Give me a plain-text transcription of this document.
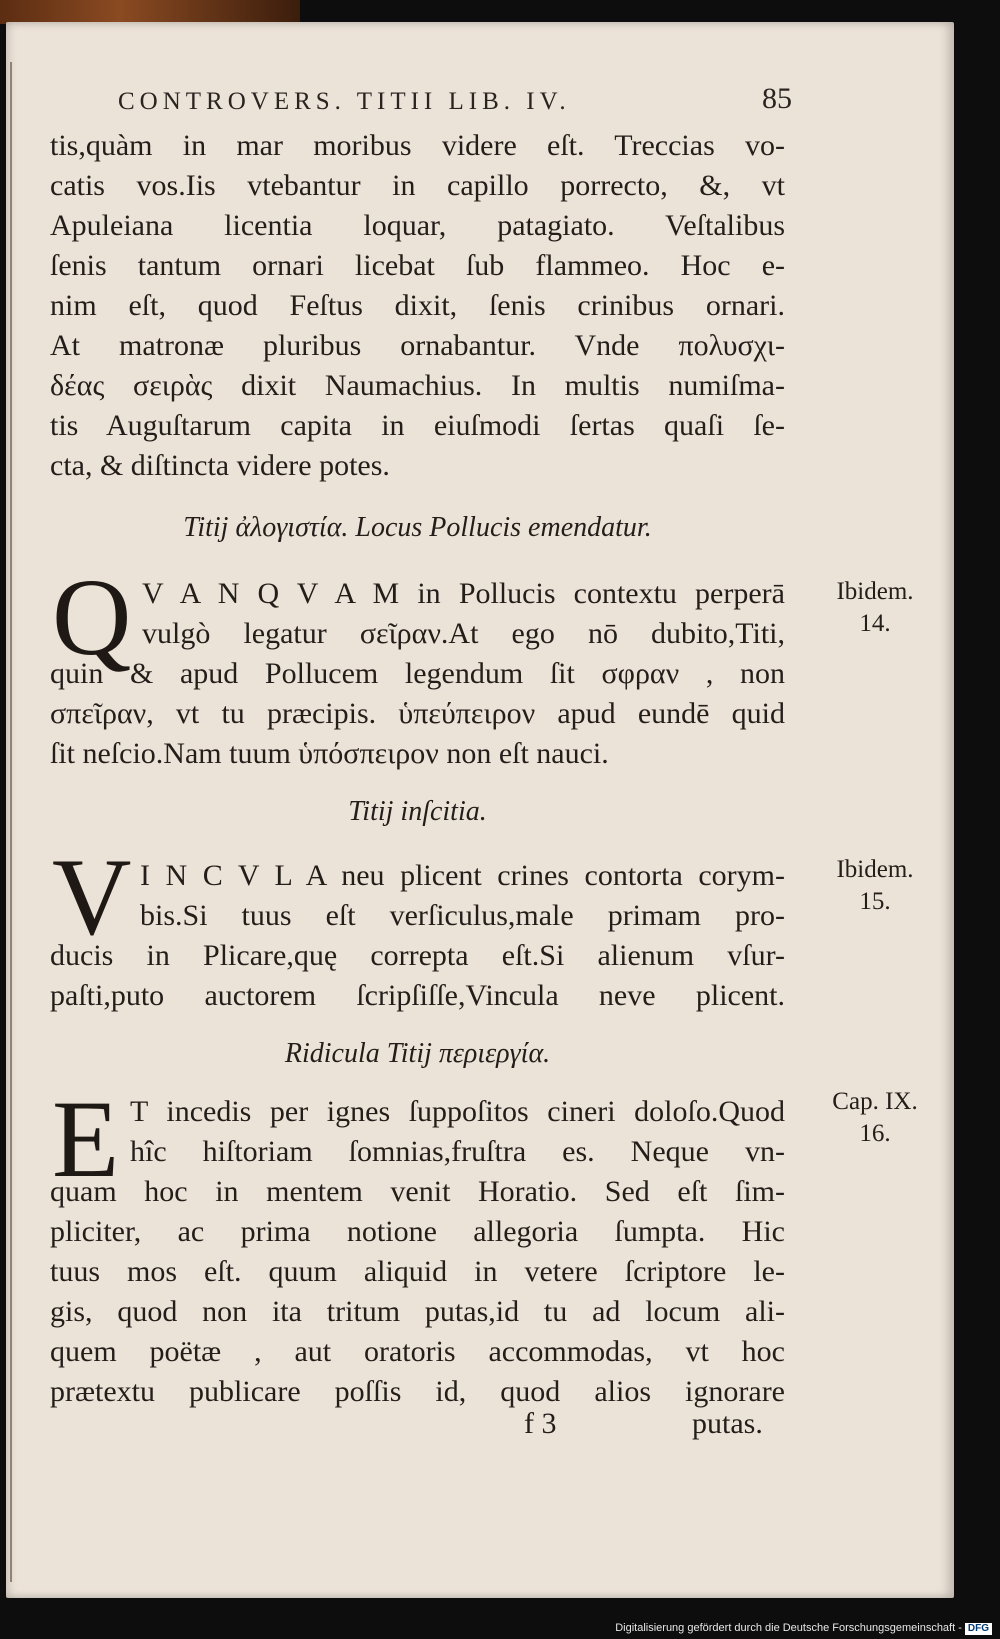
CONTROVERS. TITII LIB. IV.	85
tis,quàm in mar moribus videre eſt. Treccias vo-
catis vos.Iis vtebantur in capillo porrecto, &, vt
Apuleiana licentia loquar, patagiato. Veſtalibus
ſenis tantum ornari licebat ſub flammeo. Hoc e-
nim eſt, quod Feſtus dixit, ſenis crinibus ornari.
At matronæ pluribus ornabantur. Vnde πολυσχι-
δέας σειρὰς dixit Naumachius. In multis numiſma-
tis Auguſtarum capita in eiuſmodi ſertas quaſi ſe-
cta, & diſtincta videre potes.
Titij ἀλογιστία. Locus Pollucis emendatur.
Q V A N Q V A M in Pollucis contextu perperā
vulgò legatur σεῖραν.At ego nō dubito,Titi,
quin & apud Pollucem legendum ſit σφραν , non
σπεῖραν, vt tu præcipis. ὑπεύπειρον apud eundē quid
ſit neſcio.Nam tuum ὑπόσπειρον non eſt nauci.
Titij inſcitia.
V I N C V L A neu plicent crines contorta corym-
bis.Si tuus eſt verſiculus,male primam pro-
ducis in Plicare,quę correpta eſt.Si alienum vſur-
paſti,puto auctorem ſcripſiſſe,Vincula neve plicent.
Ridicula Titij περιεργία.
E T incedis per ignes ſuppoſitos cineri doloſo.Quod
hîc hiſtoriam ſomnias,fruſtra es. Neque vn-
quam hoc in mentem venit Horatio. Sed eſt ſim-
pliciter, ac prima notione allegoria ſumpta. Hic
tuus mos eſt. quum aliquid in vetere ſcriptore le-
gis, quod non ita tritum putas,id tu ad locum ali-
quem poëtæ , aut oratoris accommodas, vt hoc
prætextu publicare poſſis id, quod alios ignorare
f 3	putas.
Ibidem.
14.
Ibidem.
15.
Cap. IX.
16.
Digitalisierung gefördert durch die Deutsche Forschungsgemeinschaft - DFG
